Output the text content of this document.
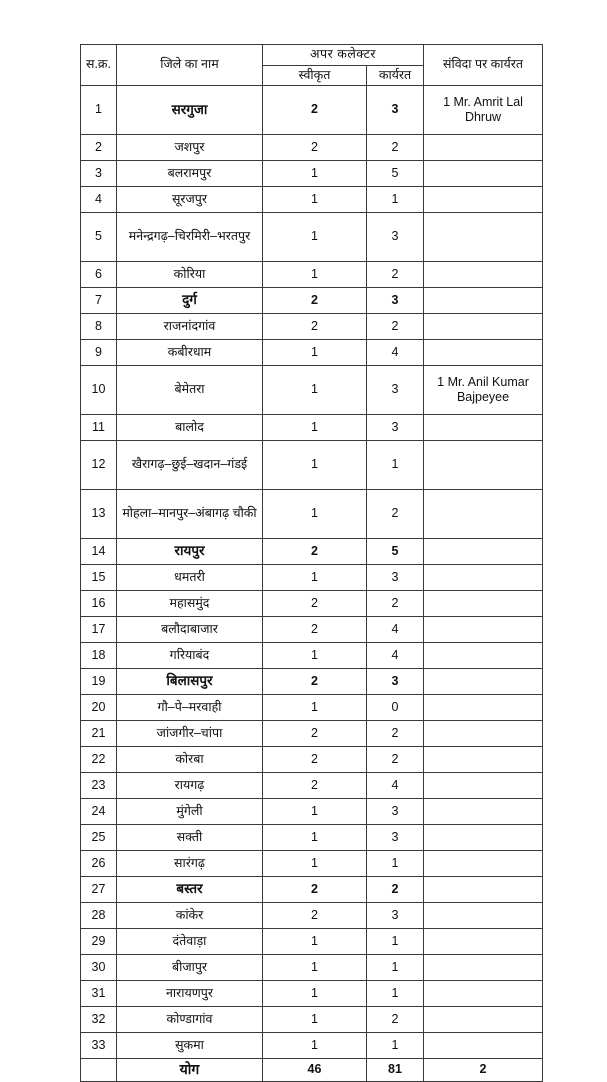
स.क्र.	जिले का नाम	अपर कलेक्टर		संविदा पर कार्यरत
		स्वीकृत	कार्यरत	
1	सरगुजा	2	3	1 Mr. Amrit Lal Dhruw
2	जशपुर	2	2	
3	बलरामपुर	1	5	
4	सूरजपुर	1	1	
5	मनेन्द्रगढ़–चिरमिरी–भरतपुर	1	3	
6	कोरिया	1	2	
7	दुर्ग	2	3	
8	राजनांदगांव	2	2	
9	कबीरधाम	1	4	
10	बेमेतरा	1	3	1 Mr. Anil Kumar Bajpeyee
11	बालोद	1	3	
12	खैरागढ़–छुई–खदान–गंडई	1	1	
13	मोहला–मानपुर–अंबागढ़ चौकी	1	2	
14	रायपुर	2	5	
15	धमतरी	1	3	
16	महासमुंद	2	2	
17	बलौदाबाजार	2	4	
18	गरियाबंद	1	4	
19	बिलासपुर	2	3	
20	गौ–पे–मरवाही	1	0	
21	जांजगीर–चांपा	2	2	
22	कोरबा	2	2	
23	रायगढ़	2	4	
24	मुंगेली	1	3	
25	सक्ती	1	3	
26	सारंगढ़	1	1	
27	बस्तर	2	2	
28	कांकेर	2	3	
29	दंतेवाड़ा	1	1	
30	बीजापुर	1	1	
31	नारायणपुर	1	1	
32	कोण्डागांव	1	2	
33	सुकमा	1	1	
	योग	46	81	2
